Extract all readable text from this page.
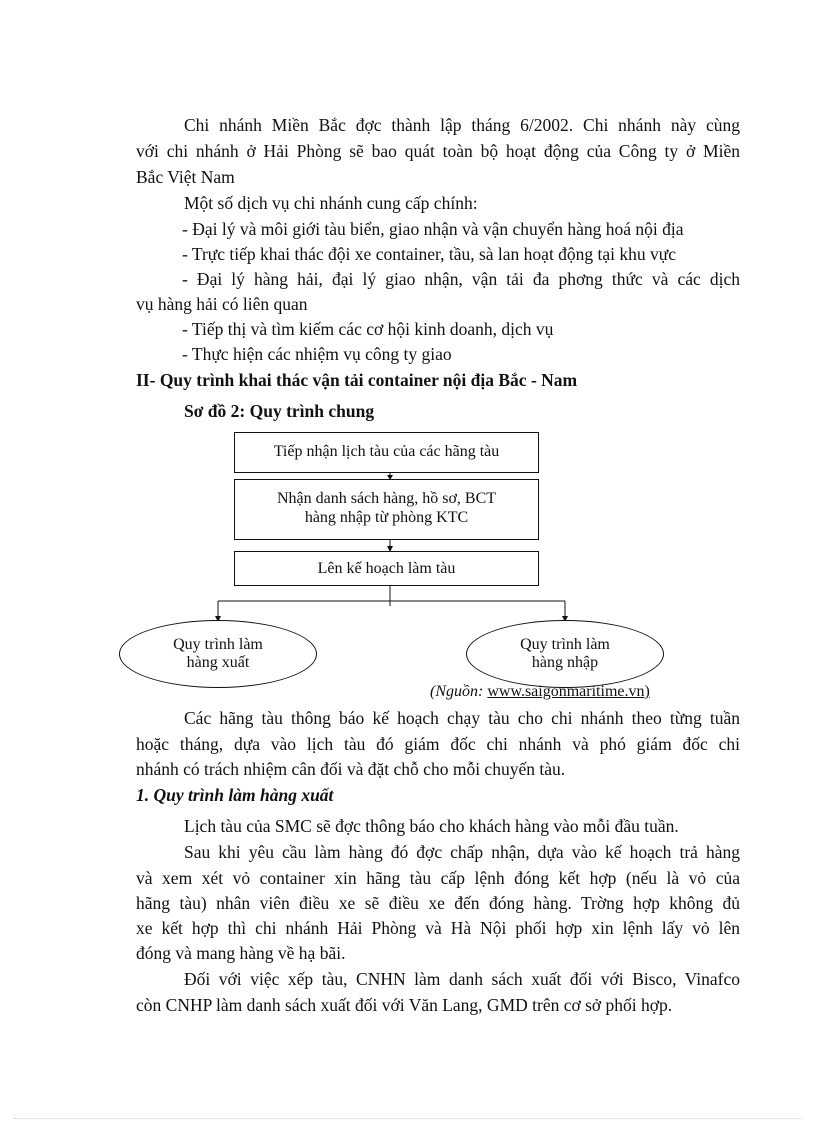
Chi nhánh Miền Bắc đợc thành lập tháng 6/2002. Chi nhánh này cùng
với chi nhánh ở Hải Phòng sẽ bao quát toàn bộ hoạt động của Công ty ở Miền
Bắc Việt Nam
Một số dịch vụ chi nhánh cung cấp chính:
- Đại lý và môi giới tàu biển, giao nhận và vận chuyển hàng hoá nội địa
- Trực tiếp khai thác đội xe container, tầu, sà lan hoạt động tại khu vực
- Đại lý hàng hải, đại lý giao nhận, vận tải đa phơng thức và các dịch
vụ hàng hải có liên quan
- Tiếp thị và tìm kiếm các cơ hội kinh doanh, dịch vụ
- Thực hiện các nhiệm vụ công ty giao
II- Quy trình khai thác vận tải container nội địa Bắc - Nam
Sơ đồ 2: Quy trình chung
Tiếp nhận lịch tàu của các hãng tàu
Nhận danh sách hàng, hồ sơ, BCT
hàng nhập từ phòng KTC
Lên kế hoạch làm tàu
Quy trình làm
hàng xuất
Quy trình làm
hàng nhập
(Nguồn: www.saigonmaritime.vn)
Các hãng tàu thông báo kế hoạch chạy tàu cho chi nhánh theo từng tuần
hoặc tháng, dựa vào lịch tàu đó giám đốc chi nhánh và phó giám đốc chi
nhánh có trách nhiệm cân đối và đặt chỗ cho mỗi chuyến tàu.
1. Quy trình làm hàng xuất
Lịch tàu của SMC sẽ đợc thông báo cho khách hàng vào mỗi đầu tuần.
Sau khi yêu cầu làm hàng đó đợc chấp nhận, dựa vào kế hoạch trả hàng
và xem xét vỏ container xin hãng tàu cấp lệnh đóng kết hợp (nếu là vỏ của
hãng tàu) nhân viên điều xe sẽ điều xe đến đóng hàng. Trờng hợp không đủ
xe kết hợp thì chi nhánh Hải Phòng và Hà Nội phối hợp xin lệnh lấy vỏ lên
đóng và mang hàng về hạ bãi.
Đối với việc xếp tàu, CNHN làm danh sách xuất đối với Bisco, Vinafco
còn CNHP làm danh sách xuất đối với Văn Lang, GMD trên cơ sở phối hợp.
